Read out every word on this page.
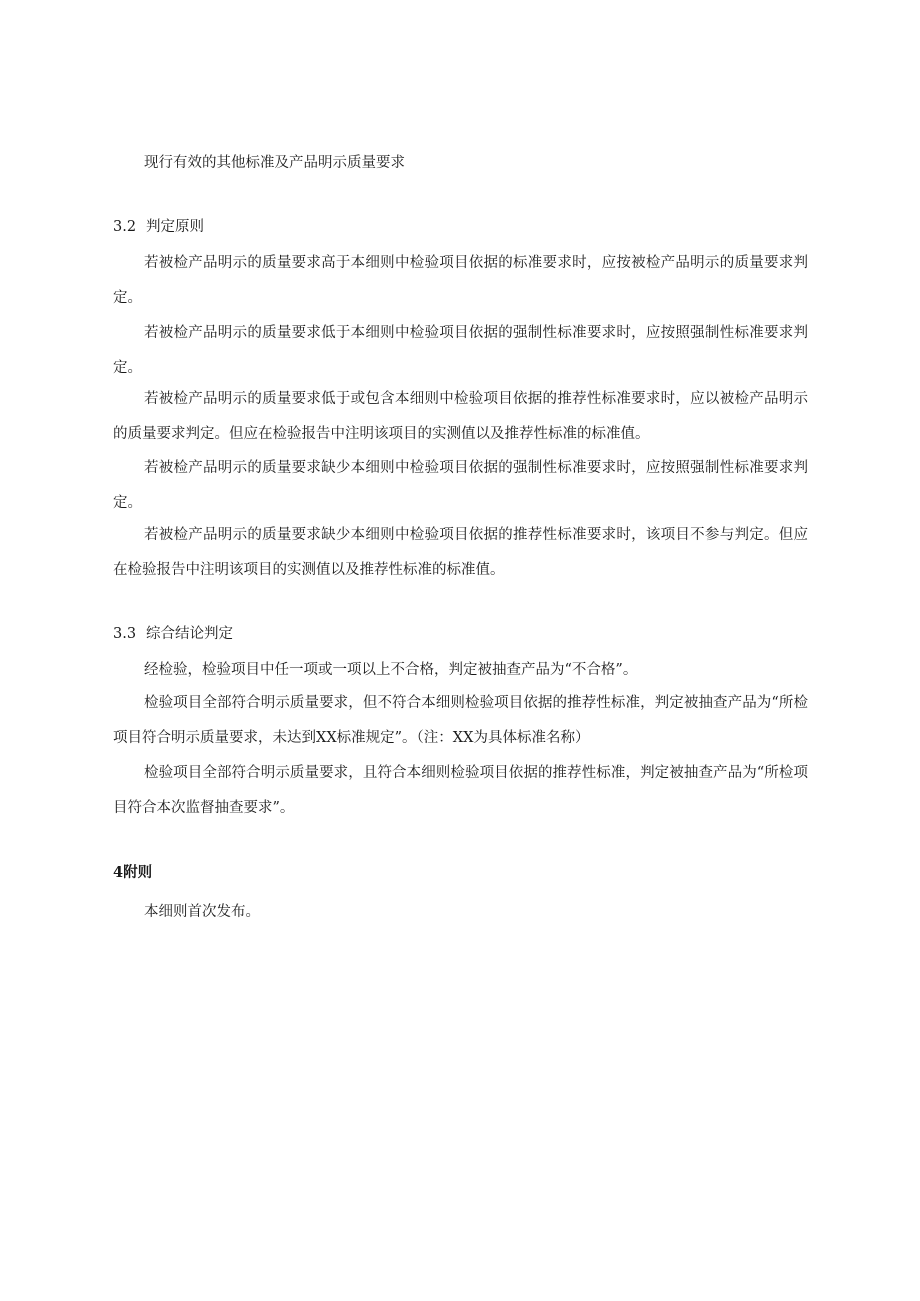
现行有效的其他标准及产品明示质量要求

3.2 判定原则

若被检产品明示的质量要求高于本细则中检验项目依据的标准要求时，应按被检产品明示的质量要求判定。

若被检产品明示的质量要求低于本细则中检验项目依据的强制性标准要求时，应按照强制性标准要求判定。

若被检产品明示的质量要求低于或包含本细则中检验项目依据的推荐性标准要求时，应以被检产品明示的质量要求判定。但应在检验报告中注明该项目的实测值以及推荐性标准的标准值。

若被检产品明示的质量要求缺少本细则中检验项目依据的强制性标准要求时，应按照强制性标准要求判定。

若被检产品明示的质量要求缺少本细则中检验项目依据的推荐性标准要求时，该项目不参与判定。但应在检验报告中注明该项目的实测值以及推荐性标准的标准值。

3.3 综合结论判定

经检验，检验项目中任一项或一项以上不合格，判定被抽查产品为“不合格”。

检验项目全部符合明示质量要求，但不符合本细则检验项目依据的推荐性标准，判定被抽查产品为“所检项目符合明示质量要求，未达到XX标准规定”。（注：XX为具体标准名称）

检验项目全部符合明示质量要求，且符合本细则检验项目依据的推荐性标准，判定被抽查产品为“所检项目符合本次监督抽查要求”。

4附则

本细则首次发布。
